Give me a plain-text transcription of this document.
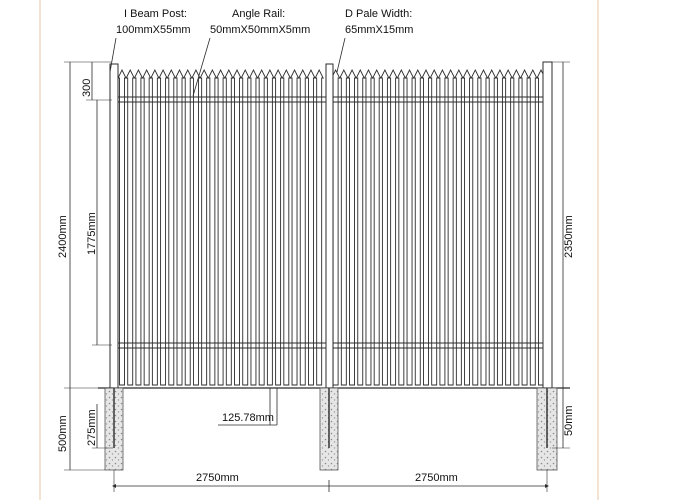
I Beam Post:
100mmX55mm
Angle Rail:
50mmX50mmX5mm
D Pale Width:
65mmX15mm
2400mm
300
1775mm
500mm 275mm
2350mm
50mm
125.78mm
2750mm	2750mm
